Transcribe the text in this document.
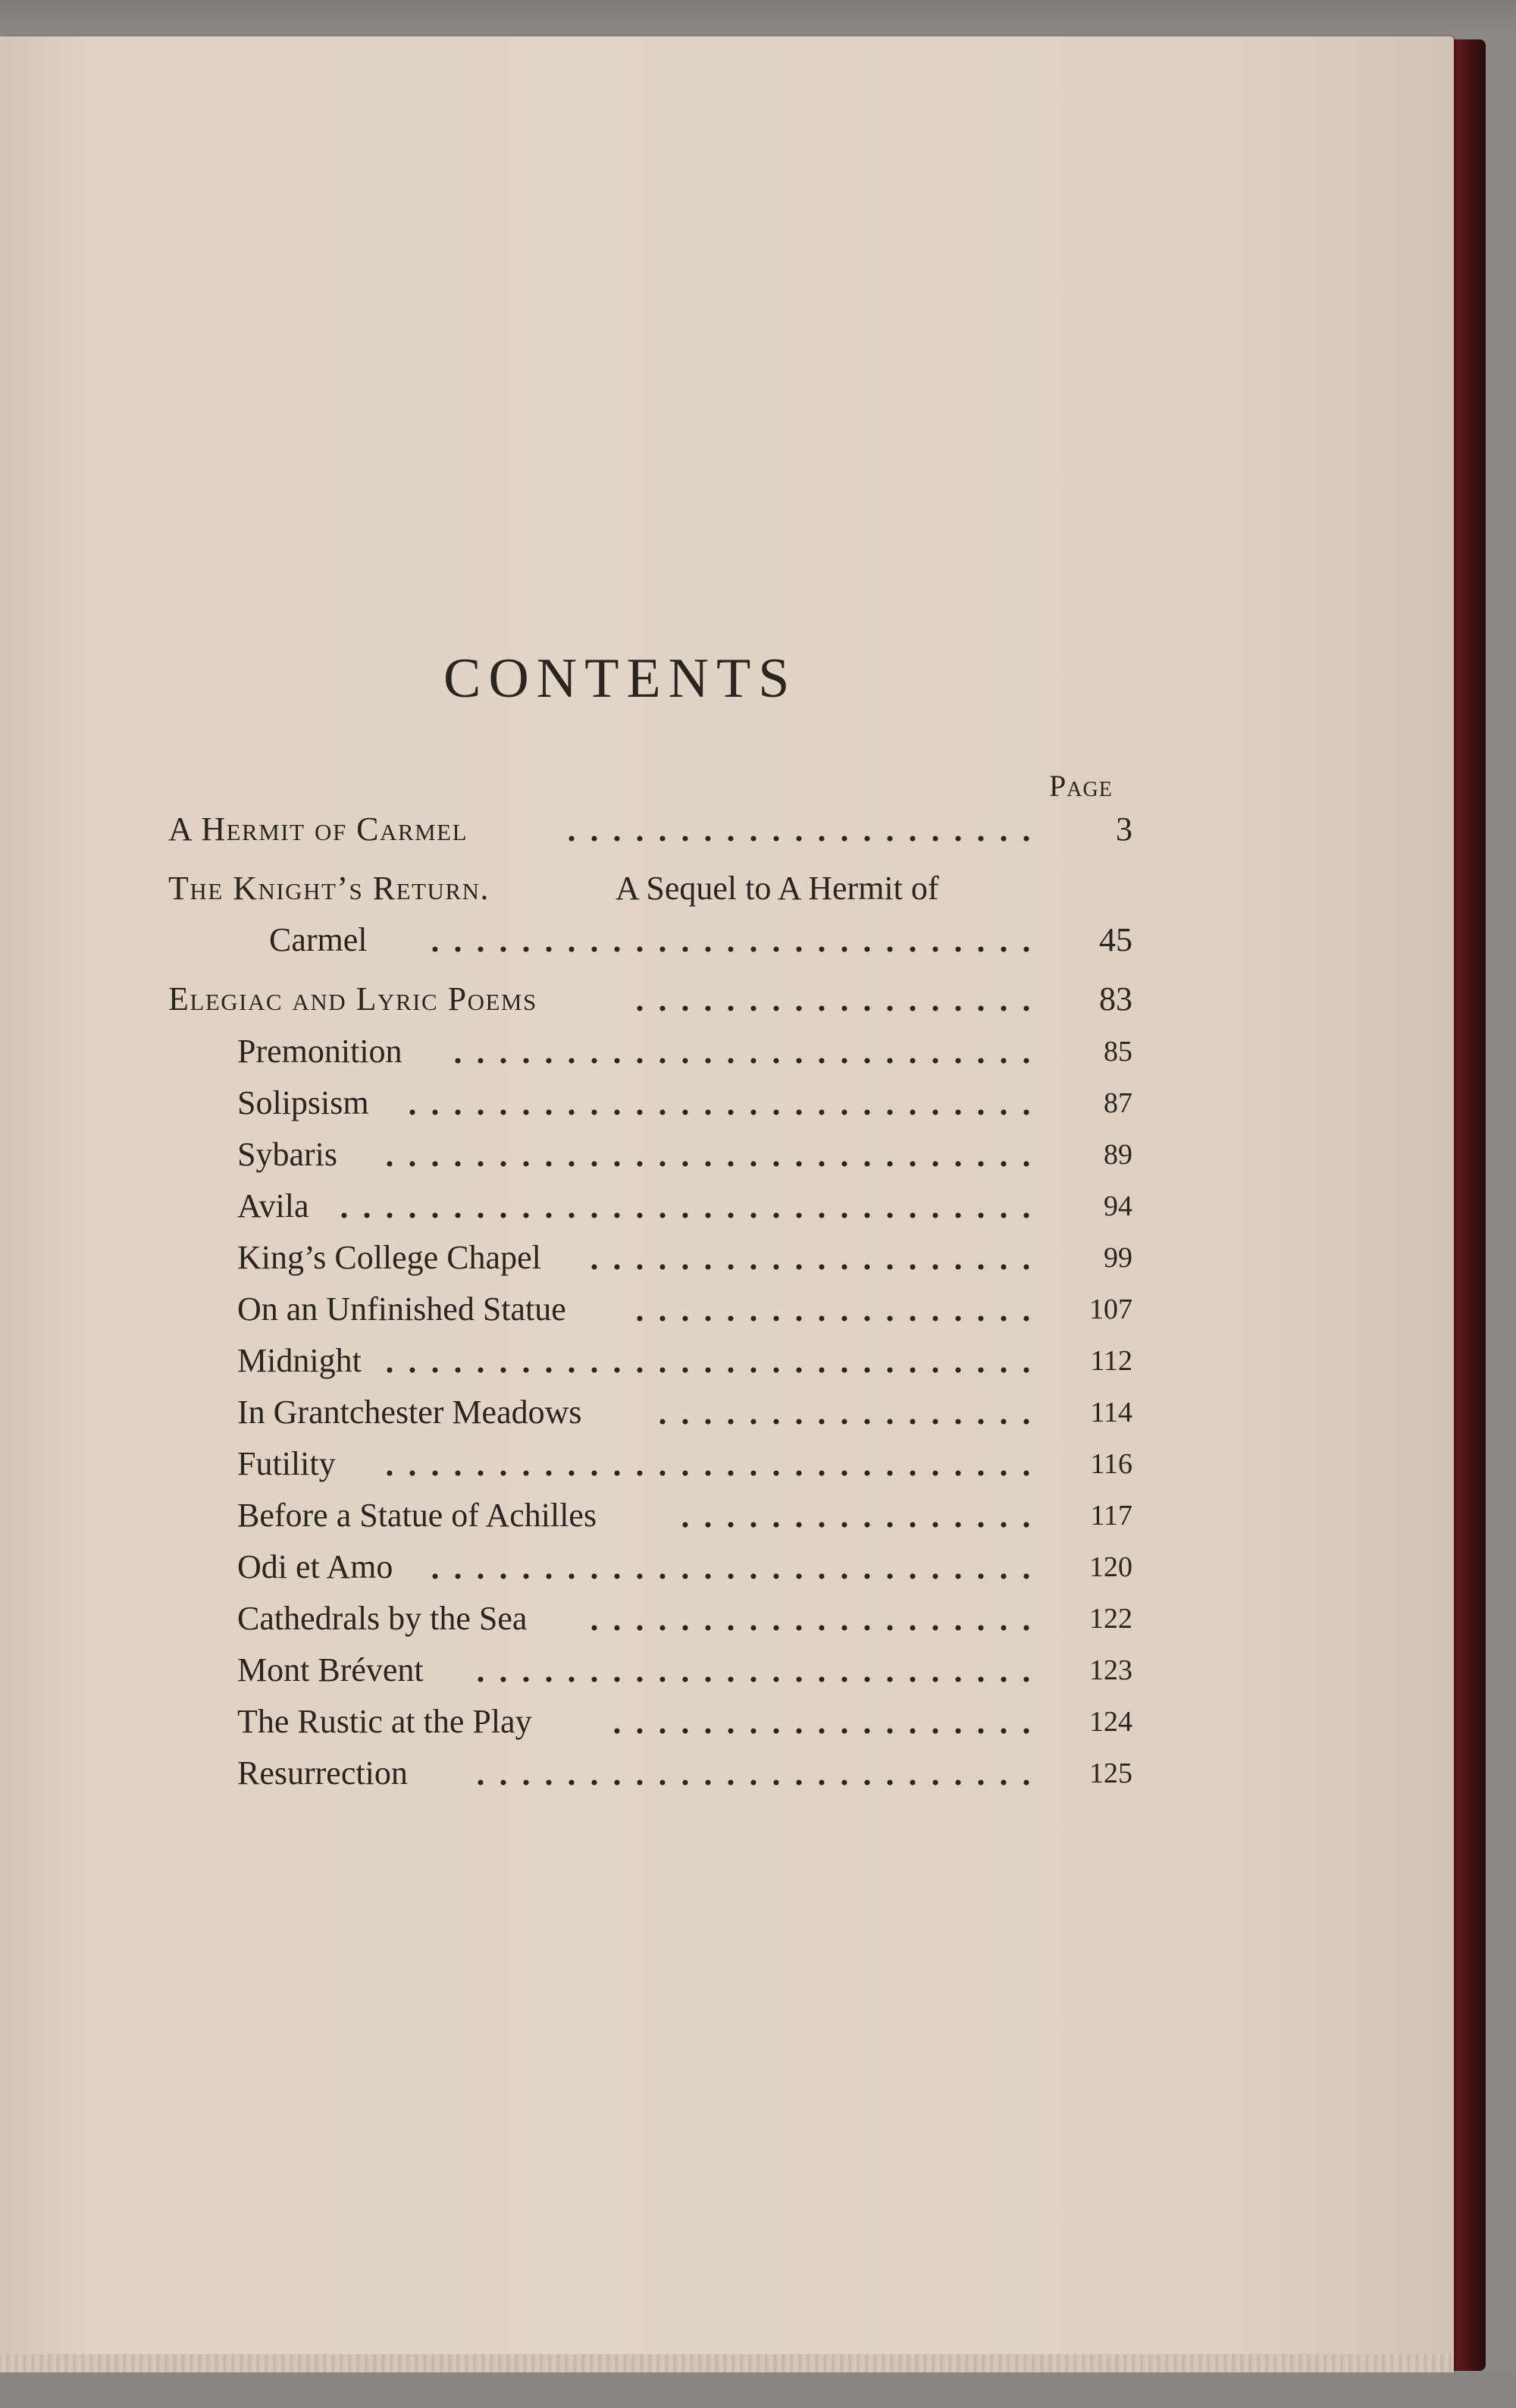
CONTENTS
Page
A Hermit of Carmel	3
The Knight’s Return.	A Sequel to A Hermit of
Carmel	45
Elegiac and Lyric Poems	83
Premonition	85
Solipsism	87
Sybaris	89
Avila	94
King’s College Chapel	99
On an Unfinished Statue	107
Midnight	112
In Grantchester Meadows	114
Futility	116
Before a Statue of Achilles	117
Odi et Amo	120
Cathedrals by the Sea	122
Mont Brévent	123
The Rustic at the Play	124
Resurrection	125
